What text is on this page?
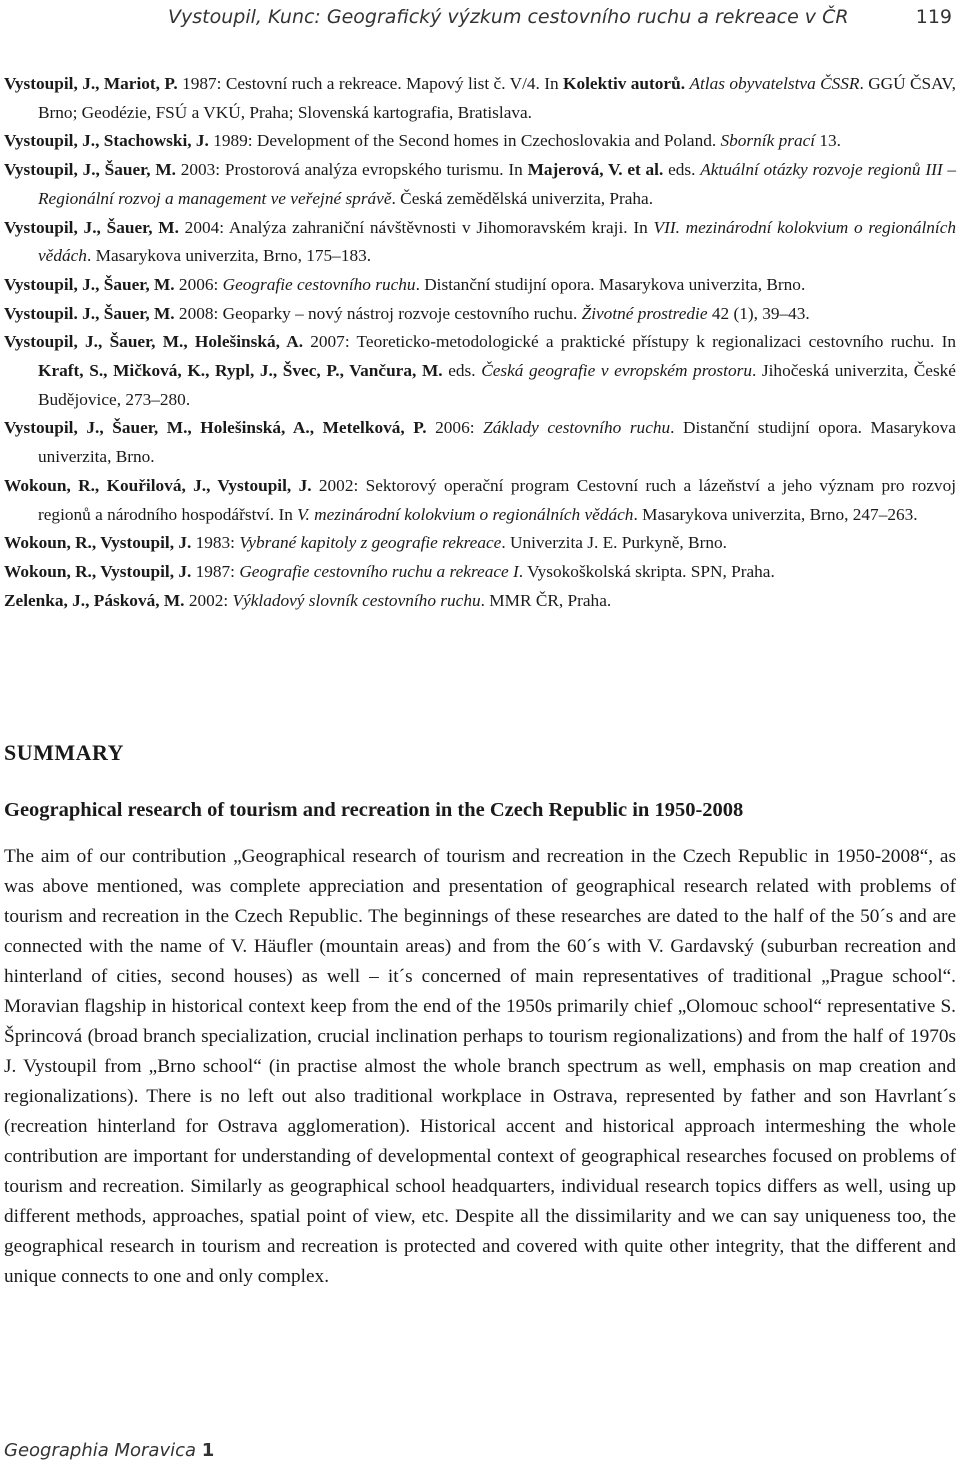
Vystoupil, Kunc: Geografický výzkum cestovního ruchu a rekreace v ČR	119

Vystoupil, J., Mariot, P. 1987: Cestovní ruch a rekreace. Mapový list č. V/4. In Kolektiv autorů. Atlas obyvatelstva ČSSR. GGÚ ČSAV, Brno; Geodézie, FSÚ a VKÚ, Praha; Slovenská kartografia, Bratislava.

Vystoupil, J., Stachowski, J. 1989: Development of the Second homes in Czechoslovakia and Poland. Sborník prací 13.

Vystoupil, J., Šauer, M. 2003: Prostorová analýza evropského turismu. In Majerová, V. et al. eds. Aktuální otázky rozvoje regionů III – Regionální rozvoj a management ve veřejné správě. Česká zemědělská univerzita, Praha.

Vystoupil, J., Šauer, M. 2004: Analýza zahraniční návštěvnosti v Jihomoravském kraji. In VII. mezinárodní kolokvium o regionálních vědách. Masarykova univerzita, Brno, 175–183.

Vystoupil, J., Šauer, M. 2006: Geografie cestovního ruchu. Distanční studijní opora. Masarykova univerzita, Brno.

Vystoupil. J., Šauer, M. 2008: Geoparky – nový nástroj rozvoje cestovního ruchu. Životné prostredie 42 (1), 39–43.

Vystoupil, J., Šauer, M., Holešinská, A. 2007: Teoreticko-metodologické a praktické přístupy k regionalizaci cestovního ruchu. In Kraft, S., Mičková, K., Rypl, J., Švec, P., Vančura, M. eds. Česká geografie v evropském prostoru. Jihočeská univerzita, České Budějovice, 273–280.

Vystoupil, J., Šauer, M., Holešinská, A., Metelková, P. 2006: Základy cestovního ruchu. Distanční studijní opora. Masarykova univerzita, Brno.

Wokoun, R., Kouřilová, J., Vystoupil, J. 2002: Sektorový operační program Cestovní ruch a lázeňství a jeho význam pro rozvoj regionů a národního hospodářství. In V. mezinárodní kolokvium o regionálních vědách. Masarykova univerzita, Brno, 247–263.

Wokoun, R., Vystoupil, J. 1983: Vybrané kapitoly z geografie rekreace. Univerzita J. E. Purkyně, Brno.

Wokoun, R., Vystoupil, J. 1987: Geografie cestovního ruchu a rekreace I. Vysokoškolská skripta. SPN, Praha.

Zelenka, J., Pásková, M. 2002: Výkladový slovník cestovního ruchu. MMR ČR, Praha.

SUMMARY
Geographical research of tourism and recreation in the Czech Republic in 1950-2008

The aim of our contribution „Geographical research of tourism and recreation in the Czech Republic in 1950-2008“, as was above mentioned, was complete appreciation and presentation of geographical research related with problems of tourism and recreation in the Czech Republic. The beginnings of these researches are dated to the half of the 50´s and are connected with the name of V. Häufler (mountain areas) and from the 60´s with V. Gardavský (suburban recreation and hinterland of cities, second houses) as well – it´s concerned of main representatives of traditional „Prague school“. Moravian flagship in historical context keep from the end of the 1950s primarily chief „Olomouc school“ representative S. Šprincová (broad branch specialization, crucial inclination perhaps to tourism regionalizations) and from the half of 1970s J. Vystoupil from „Brno school“ (in practise almost the whole branch spectrum as well, emphasis on map creation and regionalizations). There is no left out also traditional workplace in Ostrava, represented by father and son Havrlant´s (recreation hinterland for Ostrava agglomeration). Historical accent and historical approach intermeshing the whole contribution are important for understanding of developmental context of geographical researches focused on problems of tourism and recreation. Similarly as geographical school headquarters, individual research topics differs as well, using up different methods, approaches, spatial point of view, etc. Despite all the dissimilarity and we can say uniqueness too, the geographical research in tourism and recreation is protected and covered with quite other integrity, that the different and unique connects to one and only complex.

Geographia Moravica 1
